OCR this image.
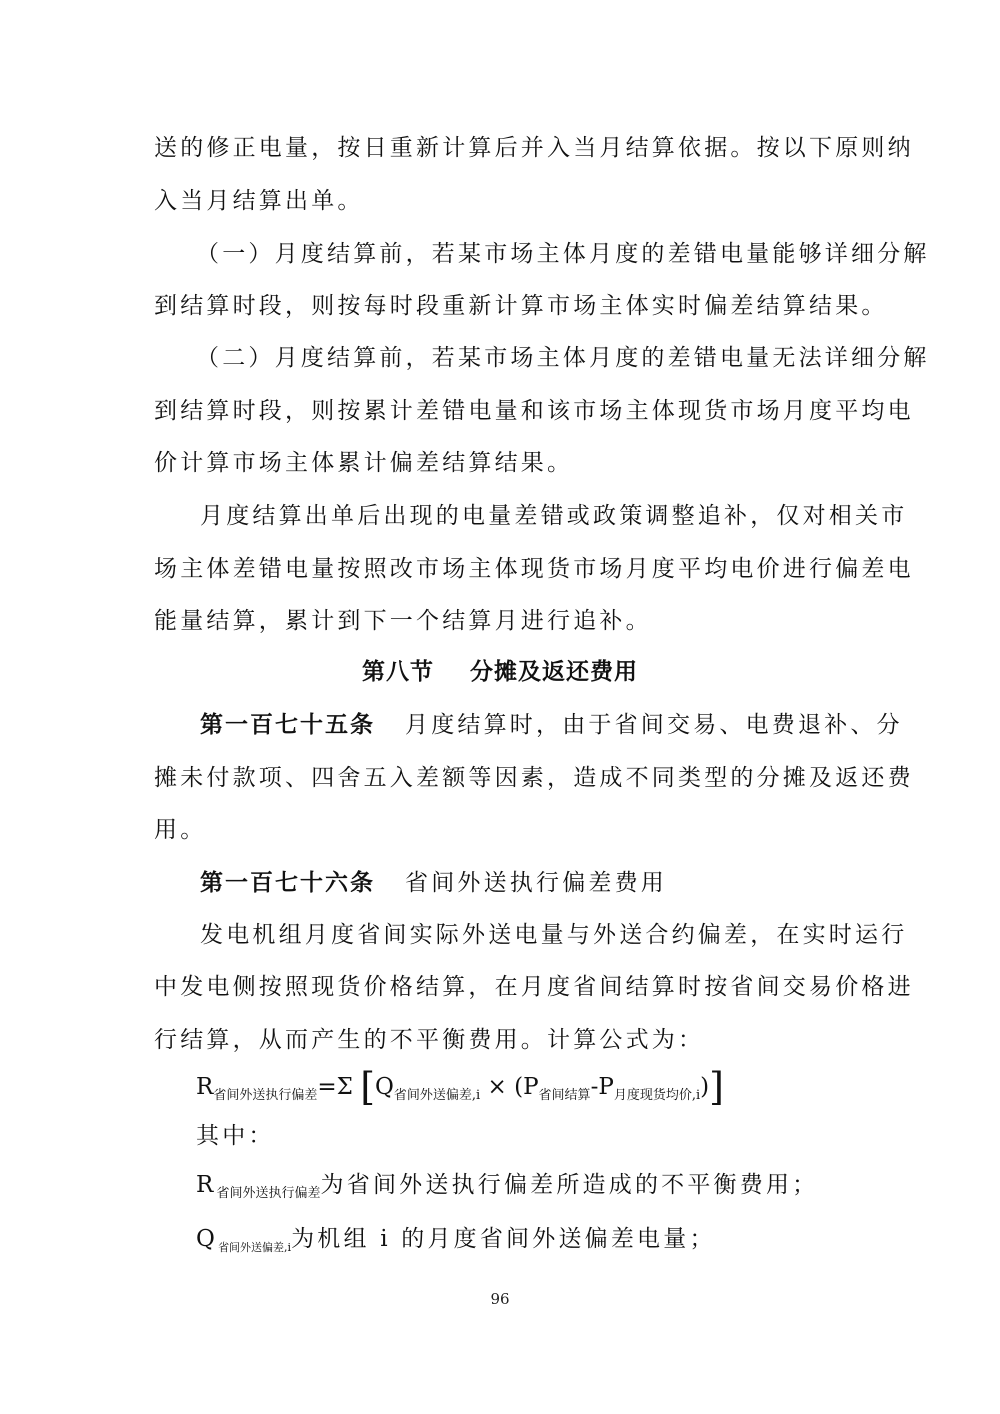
送的修正电量，按日重新计算后并入当月结算依据。按以下原则纳
入当月结算出单。
（一）月度结算前，若某市场主体月度的差错电量能够详细分解
到结算时段，则按每时段重新计算市场主体实时偏差结算结果。
（二）月度结算前，若某市场主体月度的差错电量无法详细分解
到结算时段，则按累计差错电量和该市场主体现货市场月度平均电
价计算市场主体累计偏差结算结果。
月度结算出单后出现的电量差错或政策调整追补，仅对相关市
场主体差错电量按照改市场主体现货市场月度平均电价进行偏差电
能量结算，累计到下一个结算月进行追补。
第八节 分摊及返还费用
第一百七十五条 月度结算时，由于省间交易、电费退补、分
摊未付款项、四舍五入差额等因素，造成不同类型的分摊及返还费
用。
第一百七十六条 省间外送执行偏差费用
发电机组月度省间实际外送电量与外送合约偏差，在实时运行
中发电侧按照现货价格结算，在月度省间结算时按省间交易价格进
行结算，从而产生的不平衡费用。计算公式为：
$R_{省间外送执行偏差}=\Sigma$ $[Q_{省间外送偏差,i} \times (P_{省间结算}-P_{月度现货均价,i})]$
其中：
$R_{省间外送执行偏差}$为省间外送执行偏差所造成的不平衡费用；
$Q_{省间外送偏差,i}$为机组 i 的月度省间外送偏差电量；
96
